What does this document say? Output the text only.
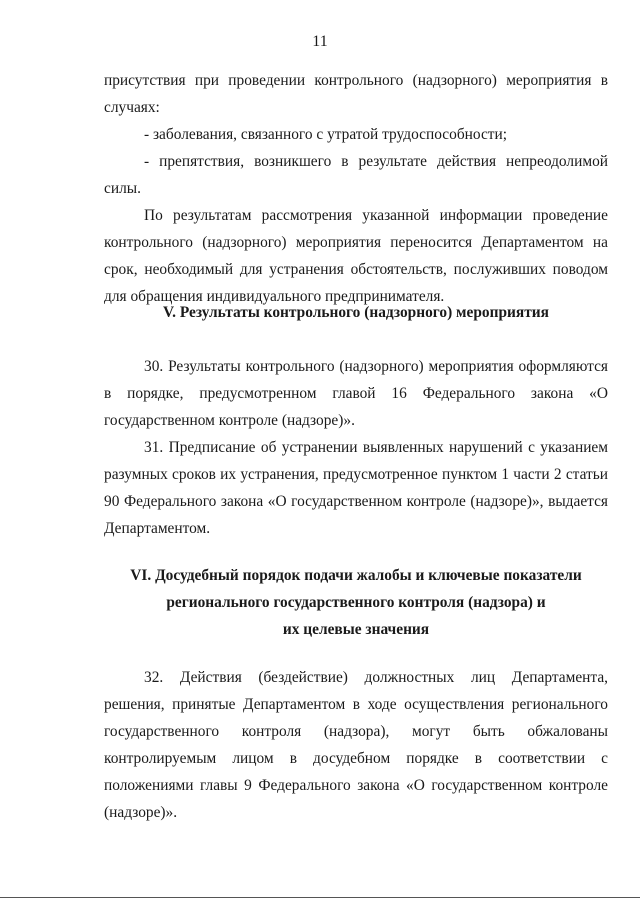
11

присутствия при проведении контрольного (надзорного) мероприятия в случаях:

- заболевания, связанного с утратой трудоспособности;

- препятствия, возникшего в результате действия непреодолимой силы.

По результатам рассмотрения указанной информации проведение контрольного (надзорного) мероприятия переносится Департаментом на срок, необходимый для устранения обстоятельств, послуживших поводом для обращения индивидуального предпринимателя.

V. Результаты контрольного (надзорного) мероприятия

30. Результаты контрольного (надзорного) мероприятия оформляются в порядке, предусмотренном главой 16 Федерального закона «О государственном контроле (надзоре)».

31. Предписание об устранении выявленных нарушений с указанием разумных сроков их устранения, предусмотренное пунктом 1 части 2 статьи 90 Федерального закона «О государственном контроле (надзоре)», выдается Департаментом.

VI. Досудебный порядок подачи жалобы и ключевые показатели

регионального государственного контроля (надзора) и

их целевые значения

32. Действия (бездействие) должностных лиц Департамента, решения, принятые Департаментом в ходе осуществления регионального государственного контроля (надзора), могут быть обжалованы контролируемым лицом в досудебном порядке в соответствии с положениями главы 9 Федерального закона «О государственном контроле (надзоре)».
